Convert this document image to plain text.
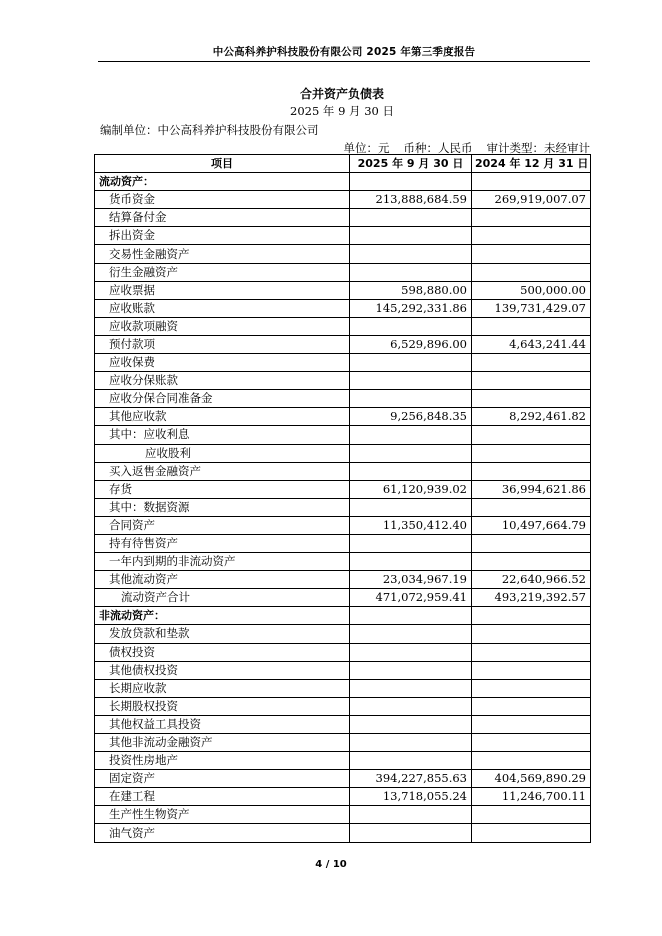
中公高科养护科技股份有限公司 2025 年第三季度报告
合并资产负债表
2025 年 9 月 30 日
编制单位：中公高科养护科技股份有限公司
单位：元 币种：人民币 审计类型：未经审计
项目	2025 年 9 月 30 日	2024 年 12 月 31 日
流动资产：		
货币资金	213,888,684.59	269,919,007.07
结算备付金		
拆出资金		
交易性金融资产		
衍生金融资产		
应收票据	598,880.00	500,000.00
应收账款	145,292,331.86	139,731,429.07
应收款项融资		
预付款项	6,529,896.00	4,643,241.44
应收保费		
应收分保账款		
应收分保合同准备金		
其他应收款	9,256,848.35	8,292,461.82
其中：应收利息		
应收股利		
买入返售金融资产		
存货	61,120,939.02	36,994,621.86
其中：数据资源		
合同资产	11,350,412.40	10,497,664.79
持有待售资产		
一年内到期的非流动资产		
其他流动资产	23,034,967.19	22,640,966.52
流动资产合计	471,072,959.41	493,219,392.57
非流动资产：		
发放贷款和垫款		
债权投资		
其他债权投资		
长期应收款		
长期股权投资		
其他权益工具投资		
其他非流动金融资产		
投资性房地产		
固定资产	394,227,855.63	404,569,890.29
在建工程	13,718,055.24	11,246,700.11
生产性生物资产		
油气资产		
4 / 10
